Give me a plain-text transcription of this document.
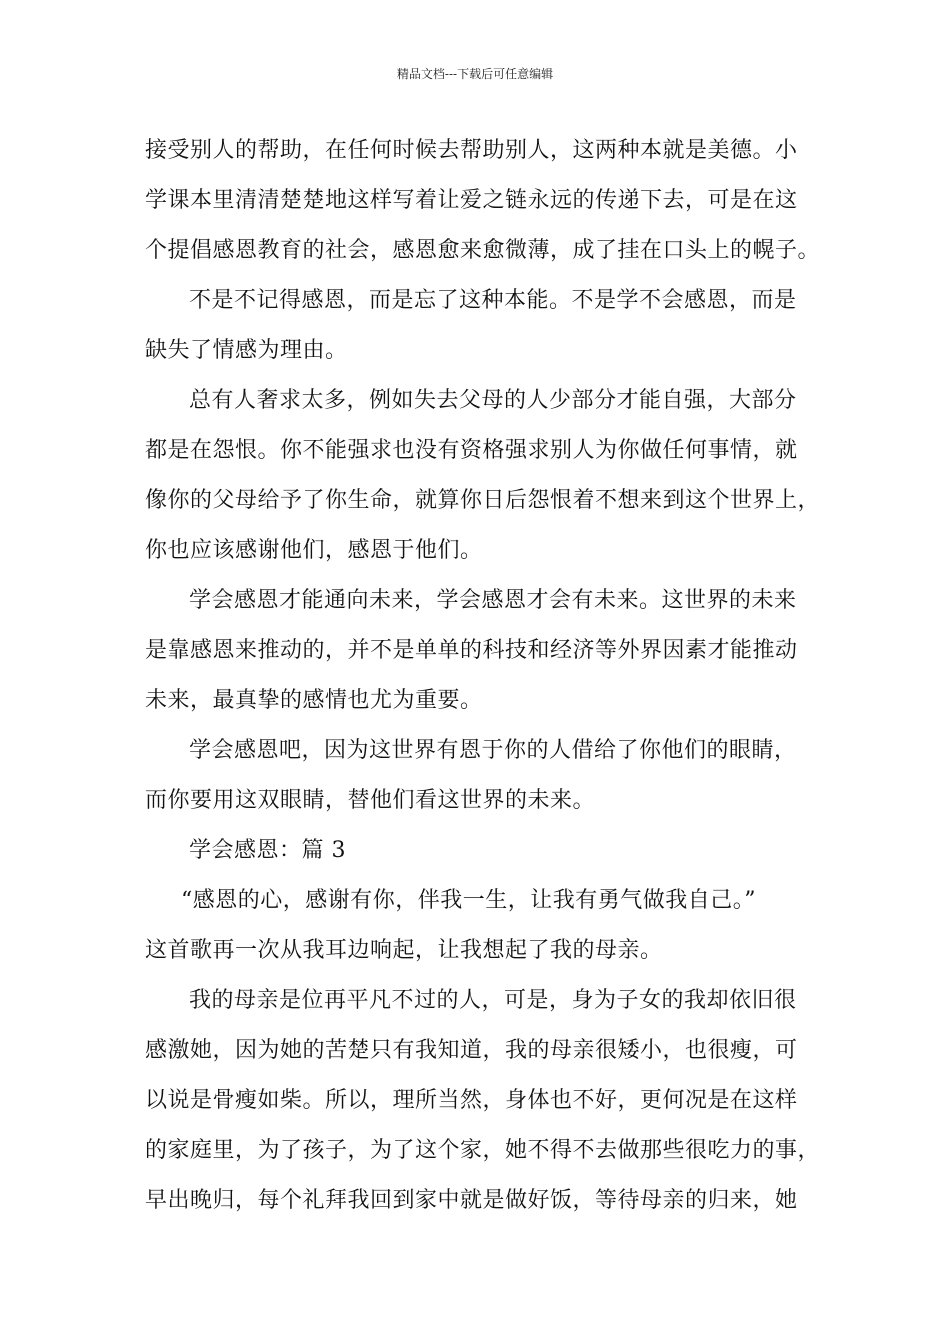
精品文档---下载后可任意编辑
接受别人的帮助，在任何时候去帮助别人，这两种本就是美德。小
学课本里清清楚楚地这样写着让爱之链永远的传递下去，可是在这
个提倡感恩教育的社会，感恩愈来愈微薄，成了挂在口头上的幌子。
不是不记得感恩，而是忘了这种本能。不是学不会感恩，而是
缺失了情感为理由。
总有人奢求太多，例如失去父母的人少部分才能自强，大部分
都是在怨恨。你不能强求也没有资格强求别人为你做任何事情，就
像你的父母给予了你生命，就算你日后怨恨着不想来到这个世界上，
你也应该感谢他们，感恩于他们。
学会感恩才能通向未来，学会感恩才会有未来。这世界的未来
是靠感恩来推动的，并不是单单的科技和经济等外界因素才能推动
未来，最真挚的感情也尤为重要。
学会感恩吧，因为这世界有恩于你的人借给了你他们的眼睛，
而你要用这双眼睛，替他们看这世界的未来。
学会感恩：篇 3
“感恩的心，感谢有你，伴我一生，让我有勇气做我自己。”
这首歌再一次从我耳边响起，让我想起了我的母亲。
我的母亲是位再平凡不过的人，可是，身为子女的我却依旧很
感激她，因为她的苦楚只有我知道，我的母亲很矮小，也很瘦，可
以说是骨瘦如柴。所以，理所当然，身体也不好，更何况是在这样
的家庭里，为了孩子，为了这个家，她不得不去做那些很吃力的事，
早出晚归，每个礼拜我回到家中就是做好饭，等待母亲的归来，她
